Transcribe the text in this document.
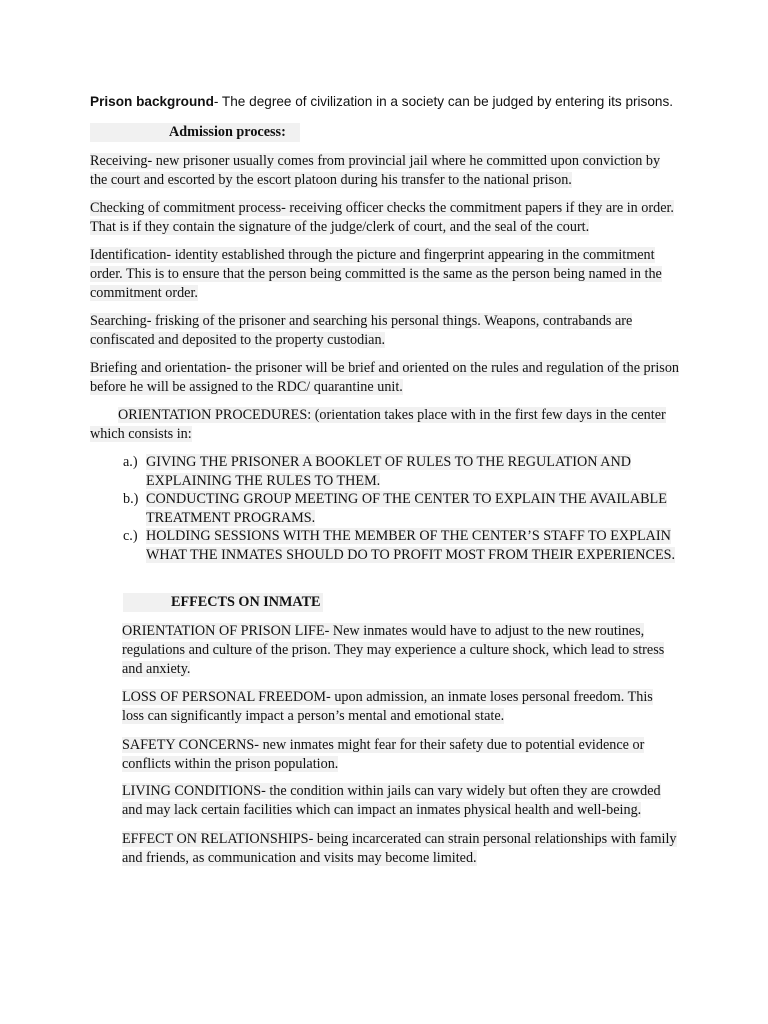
Prison background- The degree of civilization in a society can be judged by entering its prisons.
Admission process:
Receiving- new prisoner usually comes from provincial jail where he committed upon conviction by the court and escorted by the escort platoon during his transfer to the national prison.
Checking of commitment process- receiving officer checks the commitment papers if they are in order. That is if they contain the signature of the judge/clerk of court, and the seal of the court.
Identification- identity established through the picture and fingerprint appearing in the commitment order. This is to ensure that the person being committed is the same as the person being named in the commitment order.
Searching- frisking of the prisoner and searching his personal things. Weapons, contrabands are confiscated and deposited to the property custodian.
Briefing and orientation- the prisoner will be brief and oriented on the rules and regulation of the prison before he will be assigned to the RDC/ quarantine unit.
ORIENTATION PROCEDURES: (orientation takes place with in the first few days in the center which consists in:
a.) GIVING THE PRISONER A BOOKLET OF RULES TO THE REGULATION AND EXPLAINING THE RULES TO THEM.
b.) CONDUCTING GROUP MEETING OF THE CENTER TO EXPLAIN THE AVAILABLE TREATMENT PROGRAMS.
c.) HOLDING SESSIONS WITH THE MEMBER OF THE CENTER’S STAFF TO EXPLAIN WHAT THE INMATES SHOULD DO TO PROFIT MOST FROM THEIR EXPERIENCES.
EFFECTS ON INMATE
ORIENTATION OF PRISON LIFE- New inmates would have to adjust to the new routines, regulations and culture of the prison. They may experience a culture shock, which lead to stress and anxiety.
LOSS OF PERSONAL FREEDOM- upon admission, an inmate loses personal freedom. This loss can significantly impact a person’s mental and emotional state.
SAFETY CONCERNS- new inmates might fear for their safety due to potential evidence or conflicts within the prison population.
LIVING CONDITIONS- the condition within jails can vary widely but often they are crowded and may lack certain facilities which can impact an inmates physical health and well-being.
EFFECT ON RELATIONSHIPS- being incarcerated can strain personal relationships with family and friends, as communication and visits may become limited.
